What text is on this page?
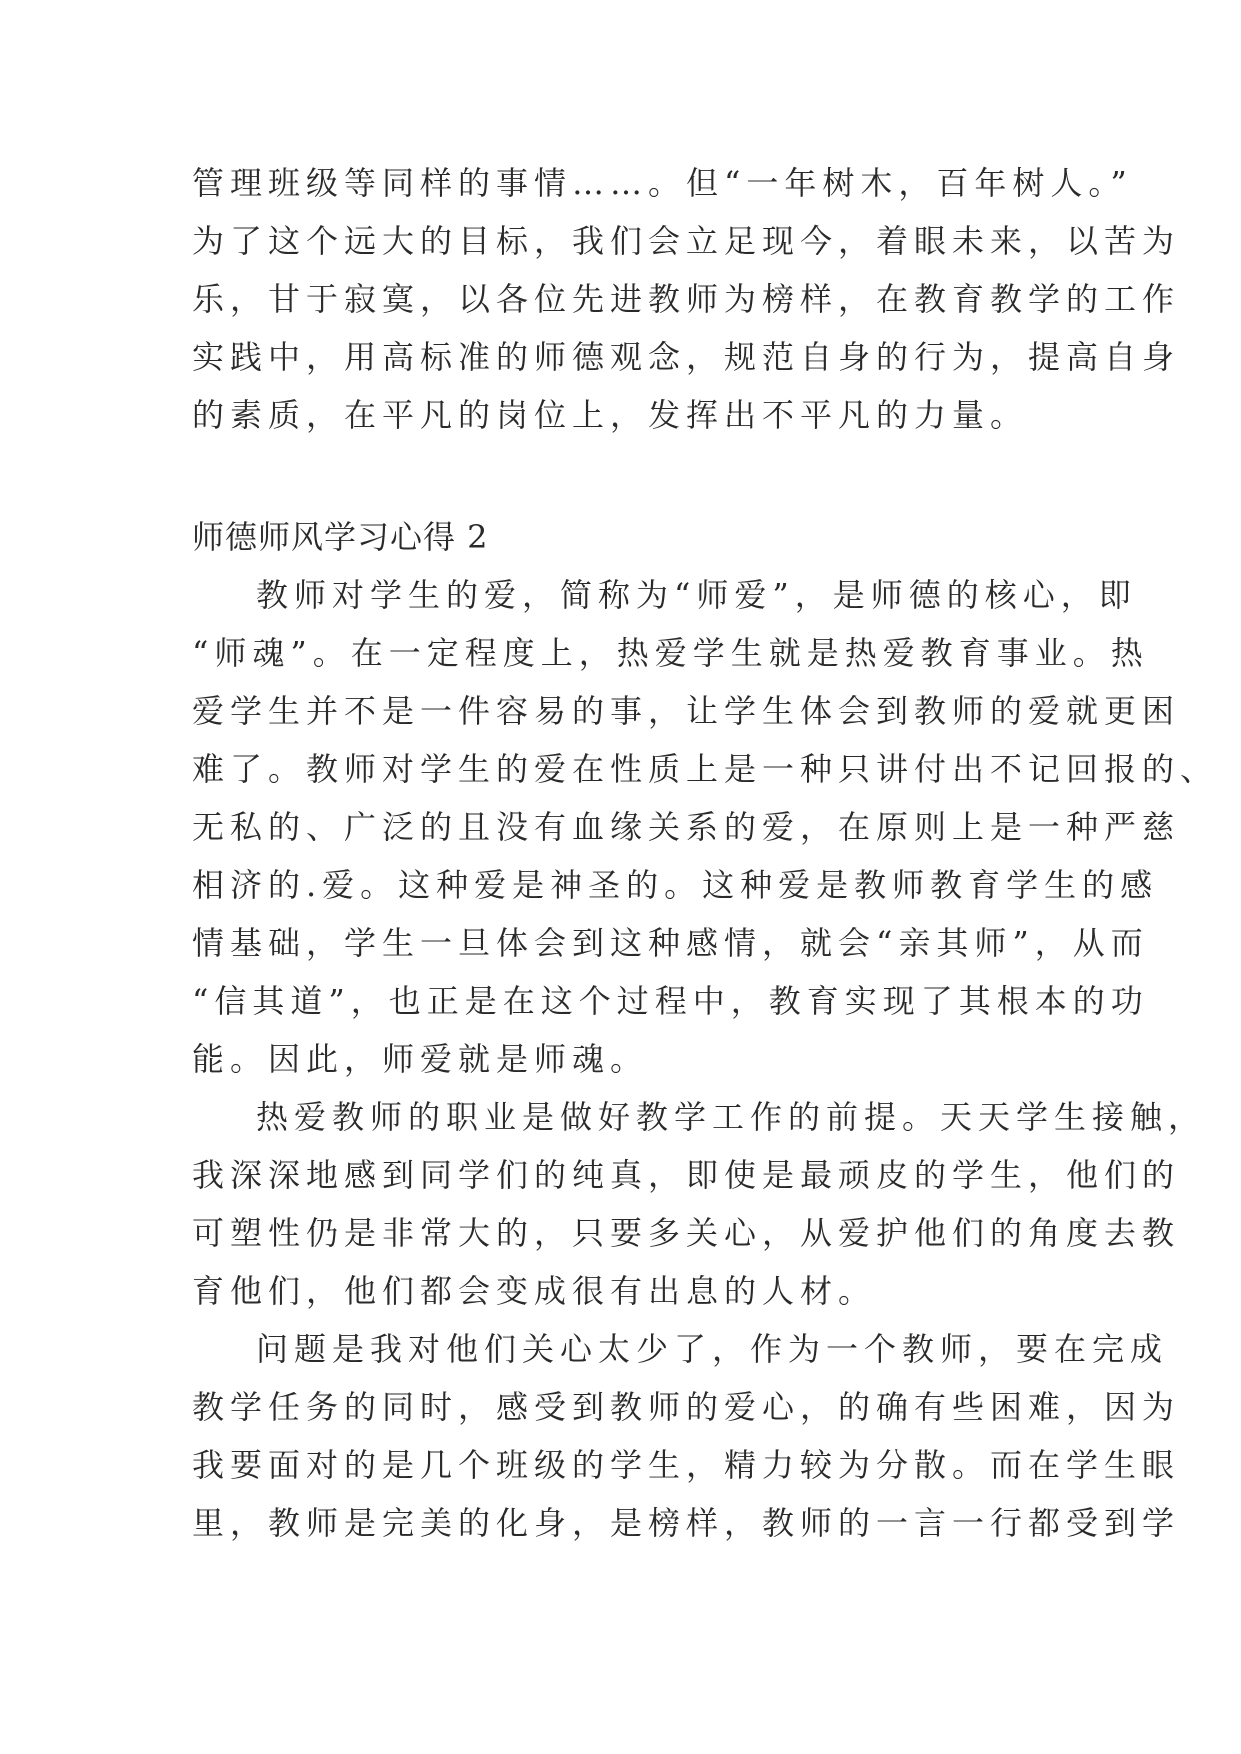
管理班级等同样的事情……。但“一年树木，百年树人。”
为了这个远大的目标，我们会立足现今，着眼未来，以苦为
乐，甘于寂寞，以各位先进教师为榜样，在教育教学的工作
实践中，用高标准的师德观念，规范自身的行为，提高自身
的素质，在平凡的岗位上，发挥出不平凡的力量。
师德师风学习心得 2
教师对学生的爱，简称为“师爱”，是师德的核心，即
“师魂”。在一定程度上，热爱学生就是热爱教育事业。热
爱学生并不是一件容易的事，让学生体会到教师的爱就更困
难了。教师对学生的爱在性质上是一种只讲付出不记回报的、
无私的、广泛的且没有血缘关系的爱，在原则上是一种严慈
相济的.爱。这种爱是神圣的。这种爱是教师教育学生的感
情基础，学生一旦体会到这种感情，就会“亲其师”，从而
“信其道”，也正是在这个过程中，教育实现了其根本的功
能。因此，师爱就是师魂。
热爱教师的职业是做好教学工作的前提。天天学生接触，
我深深地感到同学们的纯真，即使是最顽皮的学生，他们的
可塑性仍是非常大的，只要多关心，从爱护他们的角度去教
育他们，他们都会变成很有出息的人材。
问题是我对他们关心太少了，作为一个教师，要在完成
教学任务的同时，感受到教师的爱心，的确有些困难，因为
我要面对的是几个班级的学生，精力较为分散。而在学生眼
里，教师是完美的化身，是榜样，教师的一言一行都受到学
